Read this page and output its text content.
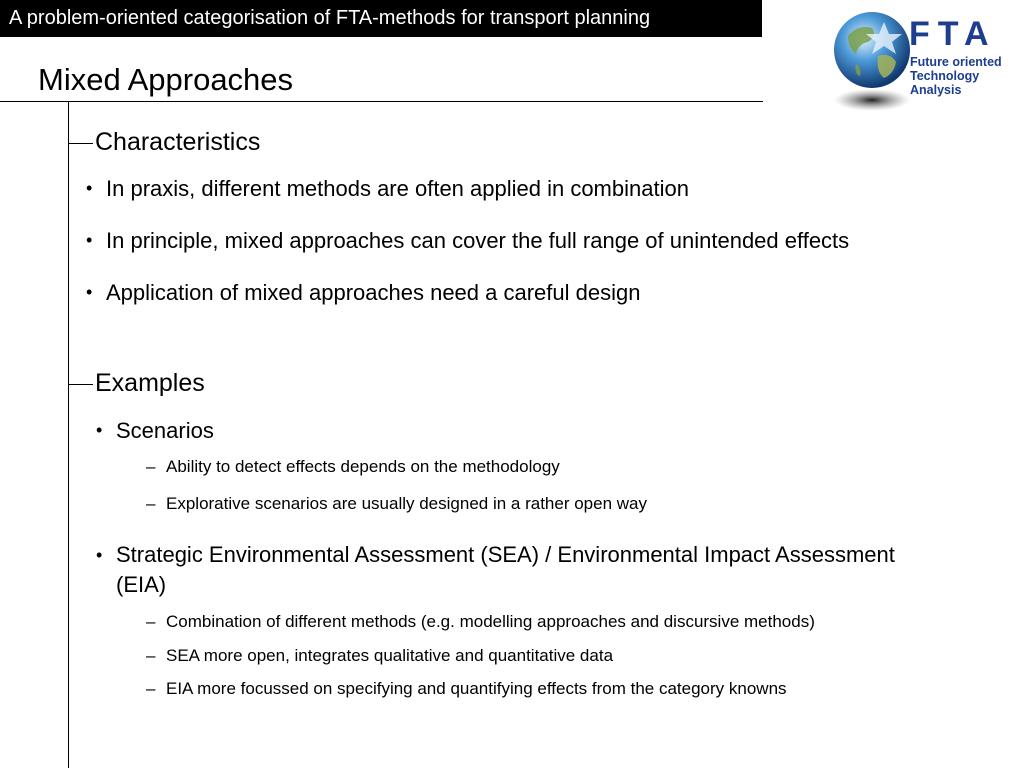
A problem-oriented categorisation of FTA-methods for transport planning
Mixed Approaches
FTA
Future oriented
Technology
Analysis
Characteristics
• In praxis, different methods are often applied in combination
• In principle, mixed approaches can cover the full range of unintended effects
• Application of mixed approaches need a careful design
Examples
• Scenarios
– Ability to detect effects depends on the methodology
– Explorative scenarios are usually designed in a rather open way
• Strategic Environmental Assessment (SEA) / Environmental Impact Assessment (EIA)
– Combination of different methods (e.g. modelling approaches and discursive methods)
– SEA more open, integrates qualitative and quantitative data
– EIA more focussed on specifying and quantifying effects from the category knowns
